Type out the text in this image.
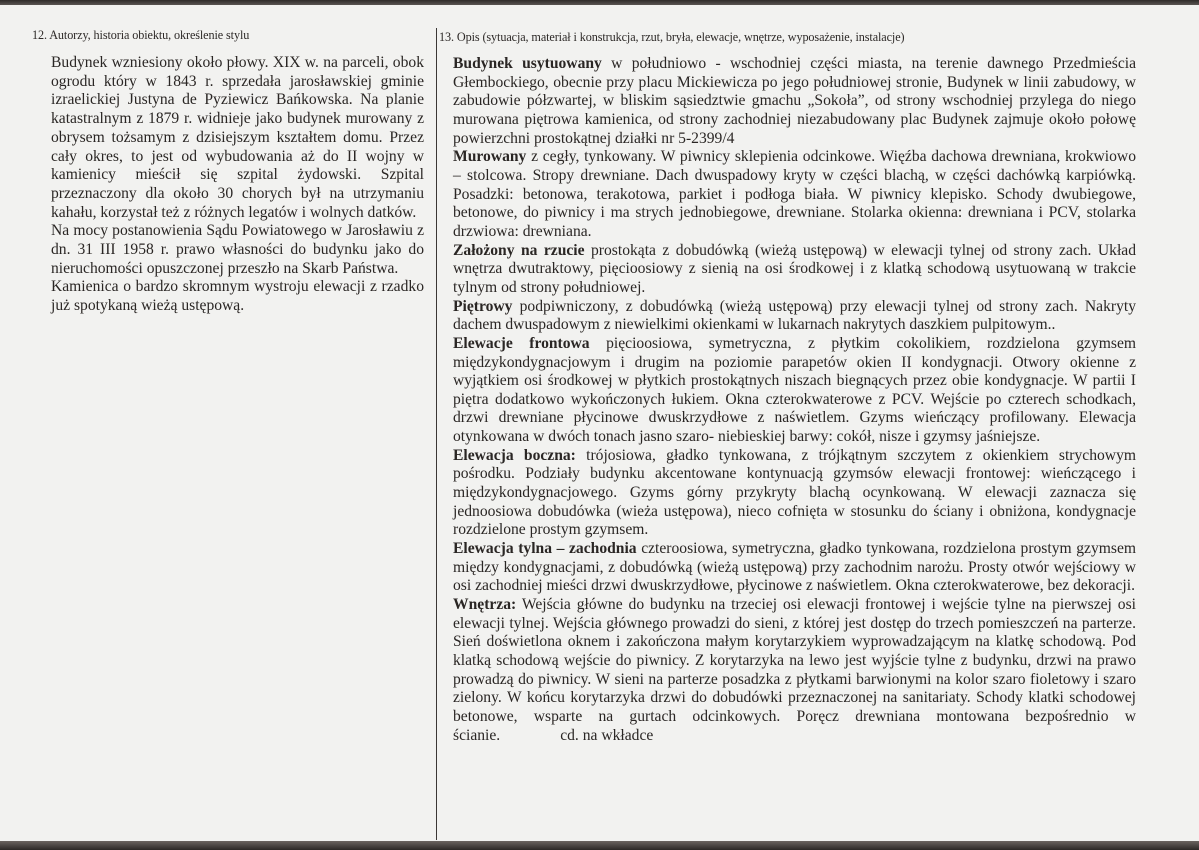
12. Autorzy, historia obiektu, określenie stylu	13. Opis (sytuacja, materiał i konstrukcja, rzut, bryła, elewacje, wnętrze, wyposażenie, instalacje)

Budynek wzniesiony około płowy. XIX w. na parceli, obok ogrodu który w 1843 r. sprzedała jarosławskiej gminie izraelickiej Justyna de Pyziewicz Bańkowska. Na planie katastralnym z 1879 r. widnieje jako budynek murowany z obrysem tożsamym z dzisiejszym kształtem domu. Przez cały okres, to jest od wybudowania aż do II wojny w kamienicy mieścił się szpital żydowski. Szpital przeznaczony dla około 30 chorych był na utrzymaniu kahału, korzystał też z różnych legatów i wolnych datków.

Na mocy postanowienia Sądu Powiatowego w Jarosławiu z dn. 31 III 1958 r. prawo własności do budynku jako do nieruchomości opuszczonej przeszło na Skarb Państwa.

Kamienica o bardzo skromnym wystroju elewacji z rzadko już spotykaną wieżą ustępową.

Budynek usytuowany w południowo - wschodniej części miasta, na terenie dawnego Przedmieścia Głembockiego, obecnie przy placu Mickiewicza po jego południowej stronie, Budynek w linii zabudowy, w zabudowie półzwartej, w bliskim sąsiedztwie gmachu „Sokoła”, od strony wschodniej przylega do niego murowana piętrowa kamienica, od strony zachodniej niezabudowany plac Budynek zajmuje około połowę powierzchni prostokątnej działki nr 5-2399/4

Murowany z cegły, tynkowany. W piwnicy sklepienia odcinkowe. Więźba dachowa drewniana, krokwiowo – stolcowa. Stropy drewniane. Dach dwuspadowy kryty w części blachą, w części dachówką karpiówką. Posadzki: betonowa, terakotowa, parkiet i podłoga biała. W piwnicy klepisko. Schody dwubiegowe, betonowe, do piwnicy i ma strych jednobiegowe, drewniane. Stolarka okienna: drewniana i PCV, stolarka drzwiowa: drewniana.

Założony na rzucie prostokąta z dobudówką (wieżą ustępową) w elewacji tylnej od strony zach. Układ wnętrza dwutraktowy, pięcioosiowy z sienią na osi środkowej i z klatką schodową usytuowaną w trakcie tylnym od strony południowej.

Piętrowy podpiwniczony, z dobudówką (wieżą ustępową) przy elewacji tylnej od strony zach. Nakryty dachem dwuspadowym z niewielkimi okienkami w lukarnach nakrytych daszkiem pulpitowym..

Elewacje frontowa pięcioosiowa, symetryczna, z płytkim cokolikiem, rozdzielona gzymsem międzykondygnacjowym i drugim na poziomie parapetów okien II kondygnacji. Otwory okienne z wyjątkiem osi środkowej w płytkich prostokątnych niszach biegnących przez obie kondygnacje. W partii I piętra dodatkowo wykończonych łukiem. Okna czterokwaterowe z PCV. Wejście po czterech schodkach, drzwi drewniane płycinowe dwuskrzydłowe z naświetlem. Gzyms wieńczący profilowany. Elewacja otynkowana w dwóch tonach jasno szaro- niebieskiej barwy: cokół, nisze i gzymsy jaśniejsze.

Elewacja boczna: trójosiowa, gładko tynkowana, z trójkątnym szczytem z okienkiem strychowym pośrodku. Podziały budynku akcentowane kontynuacją gzymsów elewacji frontowej: wieńczącego i międzykondygnacjowego. Gzyms górny przykryty blachą ocynkowaną. W elewacji zaznacza się jednoosiowa dobudówka (wieża ustępowa), nieco cofnięta w stosunku do ściany i obniżona, kondygnacje rozdzielone prostym gzymsem.

Elewacja tylna – zachodnia czteroosiowa, symetryczna, gładko tynkowana, rozdzielona prostym gzymsem między kondygnacjami, z dobudówką (wieżą ustępową) przy zachodnim narożu. Prosty otwór wejściowy w osi zachodniej mieści drzwi dwuskrzydłowe, płycinowe z naświetlem. Okna czterokwaterowe, bez dekoracji.

Wnętrza: Wejścia główne do budynku na trzeciej osi elewacji frontowej i wejście tylne na pierwszej osi elewacji tylnej. Wejścia głównego prowadzi do sieni, z której jest dostęp do trzech pomieszczeń na parterze. Sień doświetlona oknem i zakończona małym korytarzykiem wyprowadzającym na klatkę schodową. Pod klatką schodową wejście do piwnicy. Z korytarzyka na lewo jest wyjście tylne z budynku, drzwi na prawo prowadzą do piwnicy. W sieni na parterze posadzka z płytkami barwionymi na kolor szaro fioletowy i szaro zielony. W końcu korytarzyka drzwi do dobudówki przeznaczonej na sanitariaty. Schody klatki schodowej betonowe, wsparte na gurtach odcinkowych. Poręcz drewniana montowana bezpośrednio w ścianie.	cd. na wkładce
